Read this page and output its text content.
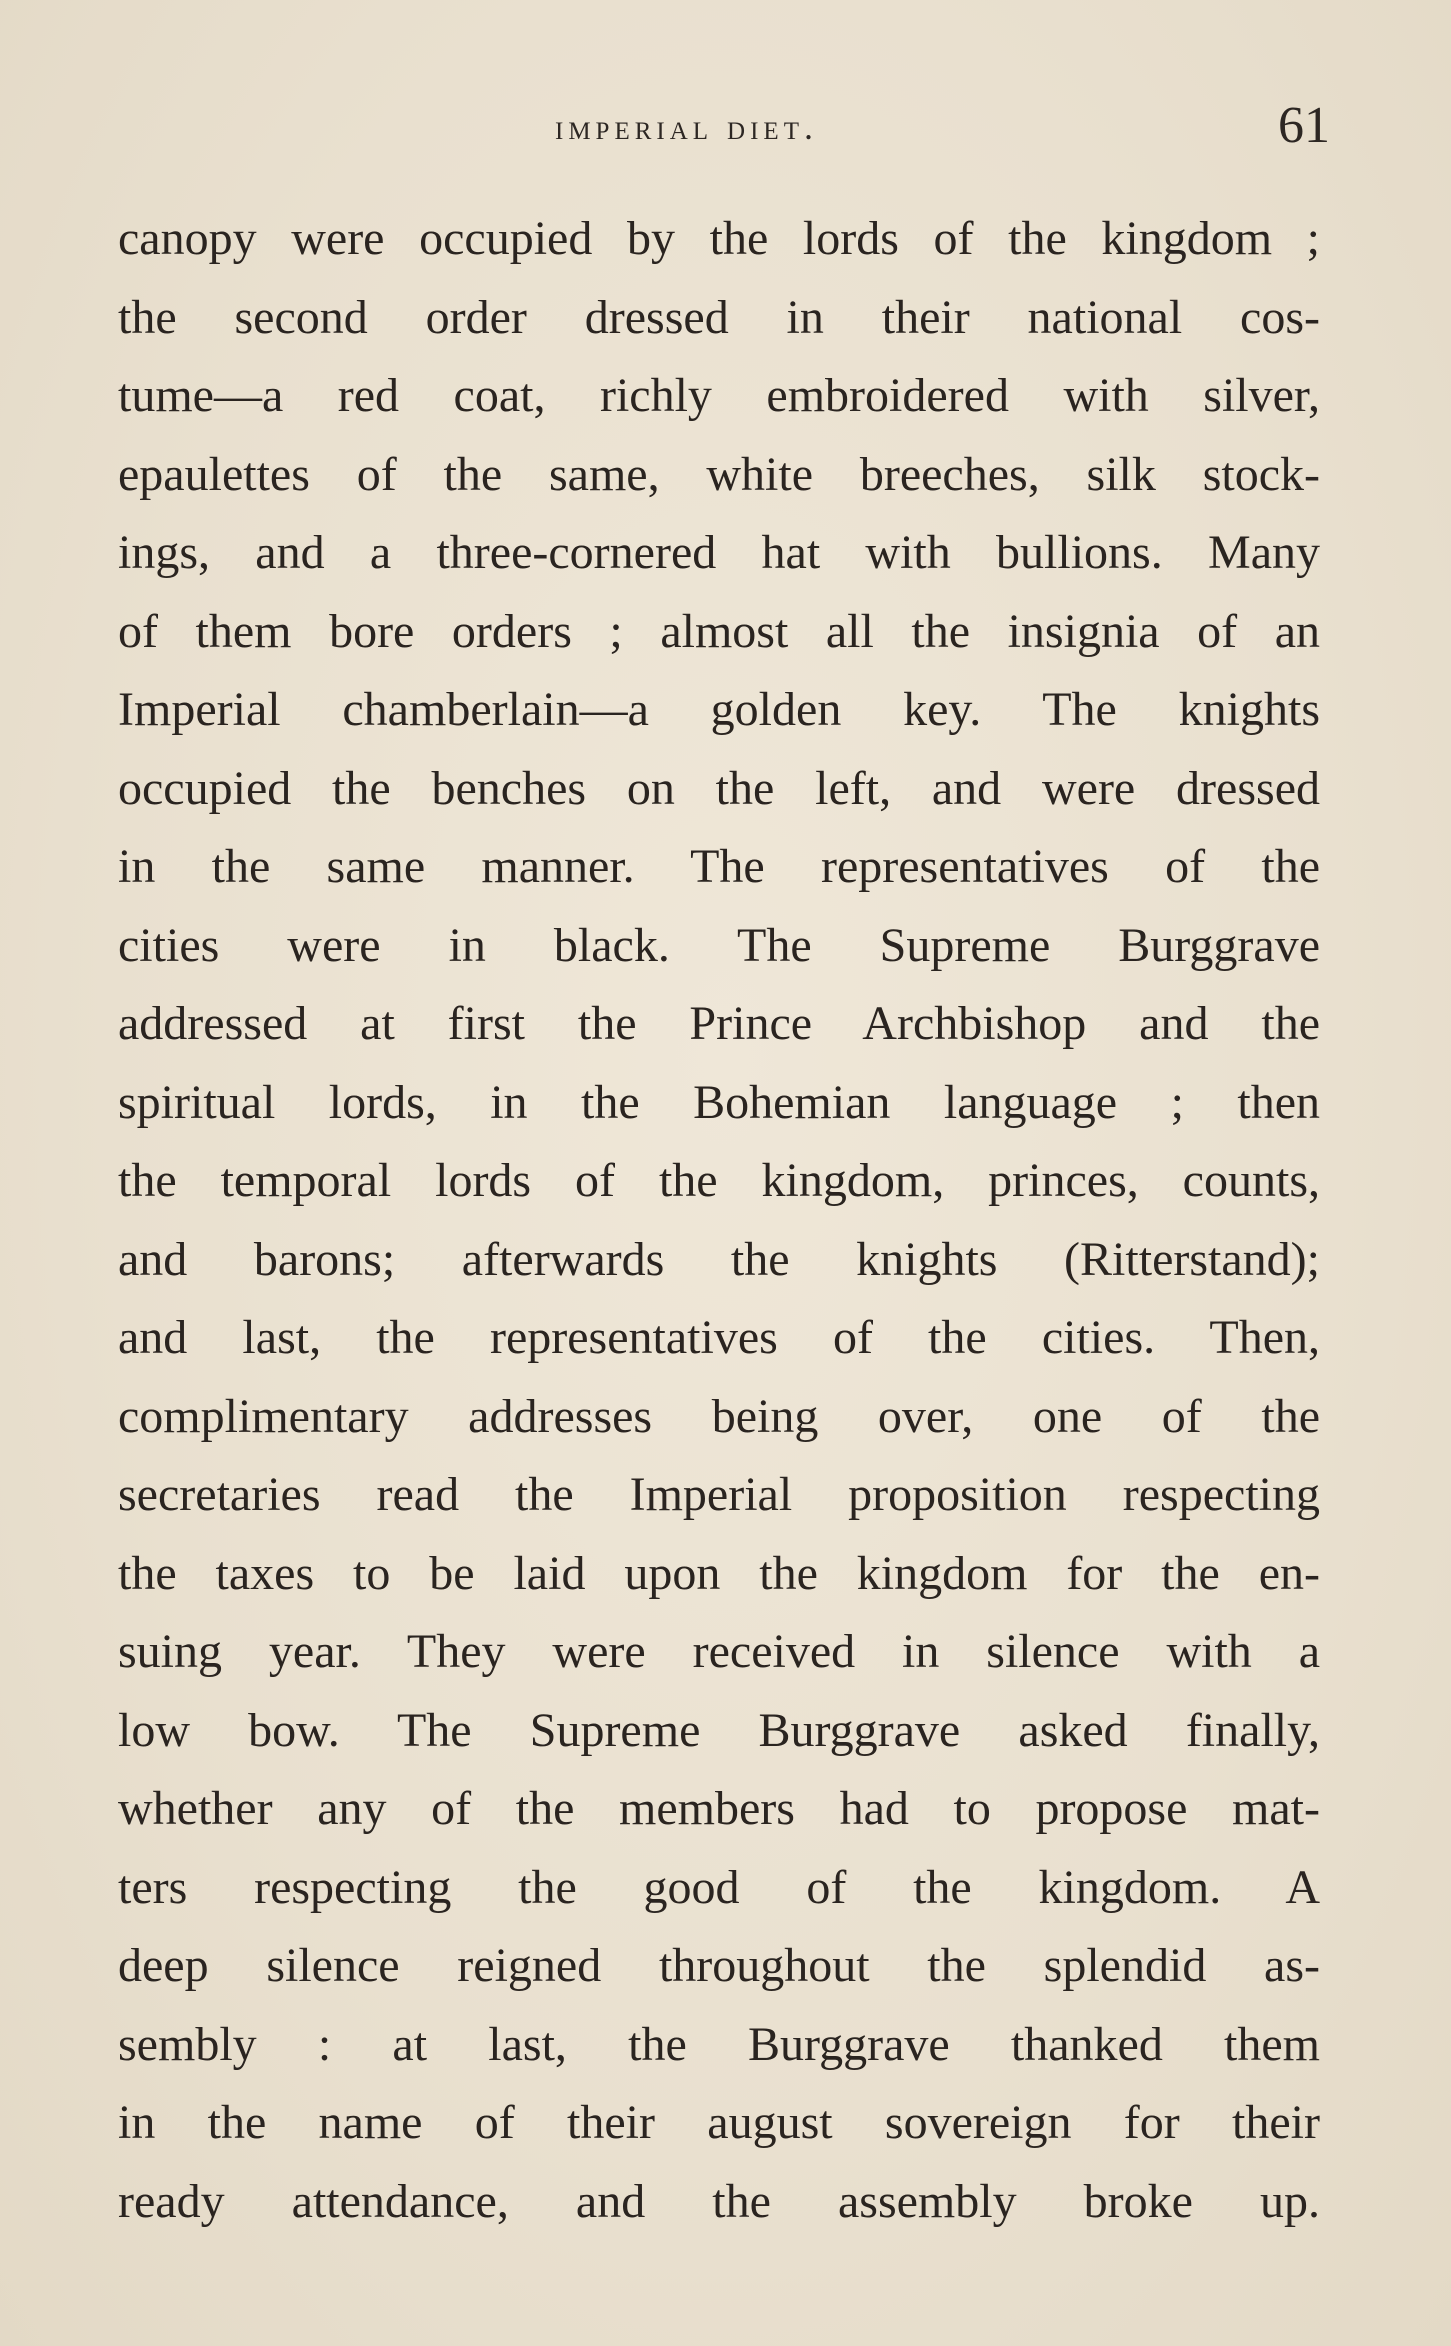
imperial diet.	61
canopy were occupied by the lords of the kingdom ;
the second order dressed in their national cos-
tume—a red coat, richly embroidered with silver,
epaulettes of the same, white breeches, silk stock-
ings, and a three-cornered hat with bullions. Many
of them bore orders ; almost all the insignia of an
Imperial chamberlain—a golden key. The knights
occupied the benches on the left, and were dressed
in the same manner. The representatives of the
cities were in black. The Supreme Burggrave
addressed at first the Prince Archbishop and the
spiritual lords, in the Bohemian language ; then
the temporal lords of the kingdom, princes, counts,
and barons; afterwards the knights (Ritterstand);
and last, the representatives of the cities. Then,
complimentary addresses being over, one of the
secretaries read the Imperial proposition respecting
the taxes to be laid upon the kingdom for the en-
suing year. They were received in silence with a
low bow. The Supreme Burggrave asked finally,
whether any of the members had to propose mat-
ters respecting the good of the kingdom. A
deep silence reigned throughout the splendid as-
sembly : at last, the Burggrave thanked them
in the name of their august sovereign for their
ready attendance, and the assembly broke up.
